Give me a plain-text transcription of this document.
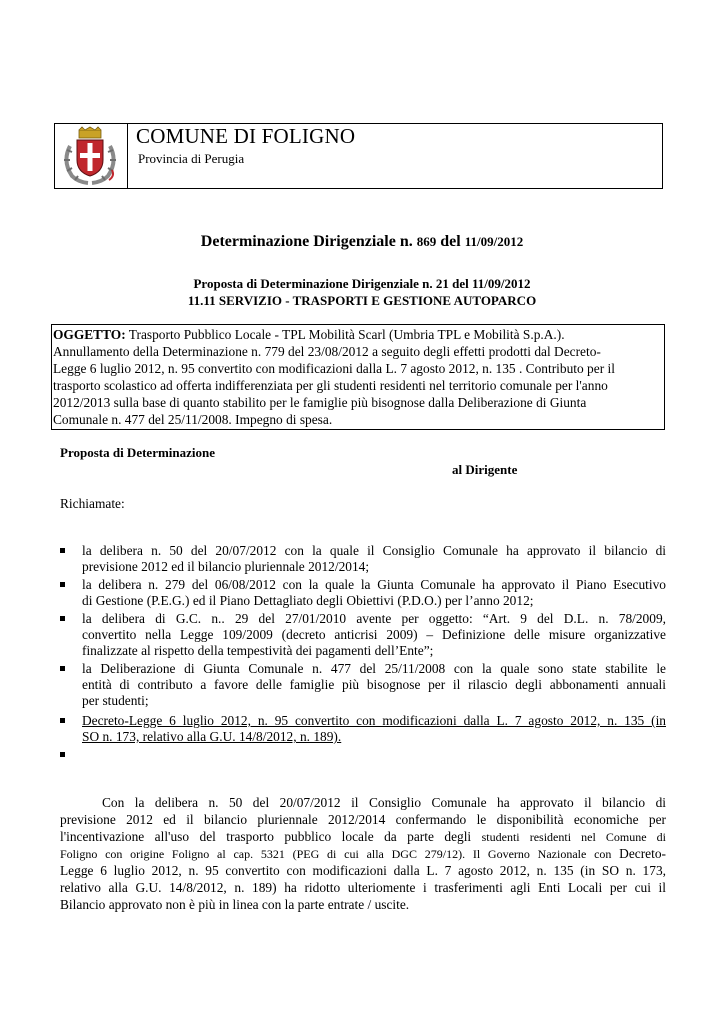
COMUNE DI FOLIGNO
Provincia di Perugia
Determinazione Dirigenziale n. 869 del 11/09/2012
Proposta di Determinazione Dirigenziale n. 21 del 11/09/2012
11.11 SERVIZIO - TRASPORTI E GESTIONE AUTOPARCO
OGGETTO: Trasporto Pubblico Locale - TPL Mobilità Scarl (Umbria TPL e Mobilità S.p.A.).
Annullamento della Determinazione n. 779 del 23/08/2012 a seguito degli effetti prodotti dal Decreto-
Legge 6 luglio 2012, n. 95 convertito con modificazioni dalla L. 7 agosto 2012, n. 135 . Contributo per il
trasporto scolastico ad offerta indifferenziata per gli studenti residenti nel territorio comunale per l'anno
2012/2013 sulla base di quanto stabilito per le famiglie più bisognose dalla Deliberazione di Giunta
Comunale n. 477 del 25/11/2008. Impegno di spesa.
Proposta di Determinazione
al Dirigente
Richiamate:
la delibera n. 50 del 20/07/2012 con la quale il Consiglio Comunale ha approvato il bilancio di
previsione 2012 ed il bilancio pluriennale 2012/2014;
la delibera n. 279 del 06/08/2012 con la quale la Giunta Comunale ha approvato il Piano Esecutivo
di Gestione (P.E.G.) ed il Piano Dettagliato degli Obiettivi (P.D.O.) per l’anno 2012;
la delibera di G.C. n.. 29 del 27/01/2010 avente per oggetto: “Art. 9 del D.L. n. 78/2009,
convertito nella Legge 109/2009 (decreto anticrisi 2009) – Definizione delle misure organizzative
finalizzate al rispetto della tempestività dei pagamenti dell’Ente”;
la Deliberazione di Giunta Comunale n. 477 del 25/11/2008 con la quale sono state stabilite le
entità di contributo a favore delle famiglie più bisognose per il rilascio degli abbonamenti annuali
per studenti;
Decreto-Legge 6 luglio 2012, n. 95 convertito con modificazioni dalla L. 7 agosto 2012, n. 135 (in
SO n. 173, relativo alla G.U. 14/8/2012, n. 189).
Con la delibera n. 50 del 20/07/2012 il Consiglio Comunale ha approvato il bilancio di
previsione 2012 ed il bilancio pluriennale 2012/2014 confermando le disponibilità economiche per
l'incentivazione all'uso del trasporto pubblico locale da parte degli studenti residenti nel Comune di
Foligno con origine Foligno al cap. 5321 (PEG di cui alla DGC 279/12). Il Governo Nazionale con Decreto-
Legge 6 luglio 2012, n. 95 convertito con modificazioni dalla L. 7 agosto 2012, n. 135 (in SO n. 173,
relativo alla G.U. 14/8/2012, n. 189) ha ridotto ulteriomente i trasferimenti agli Enti Locali per cui il
Bilancio approvato non è più in linea con la parte entrate / uscite.
